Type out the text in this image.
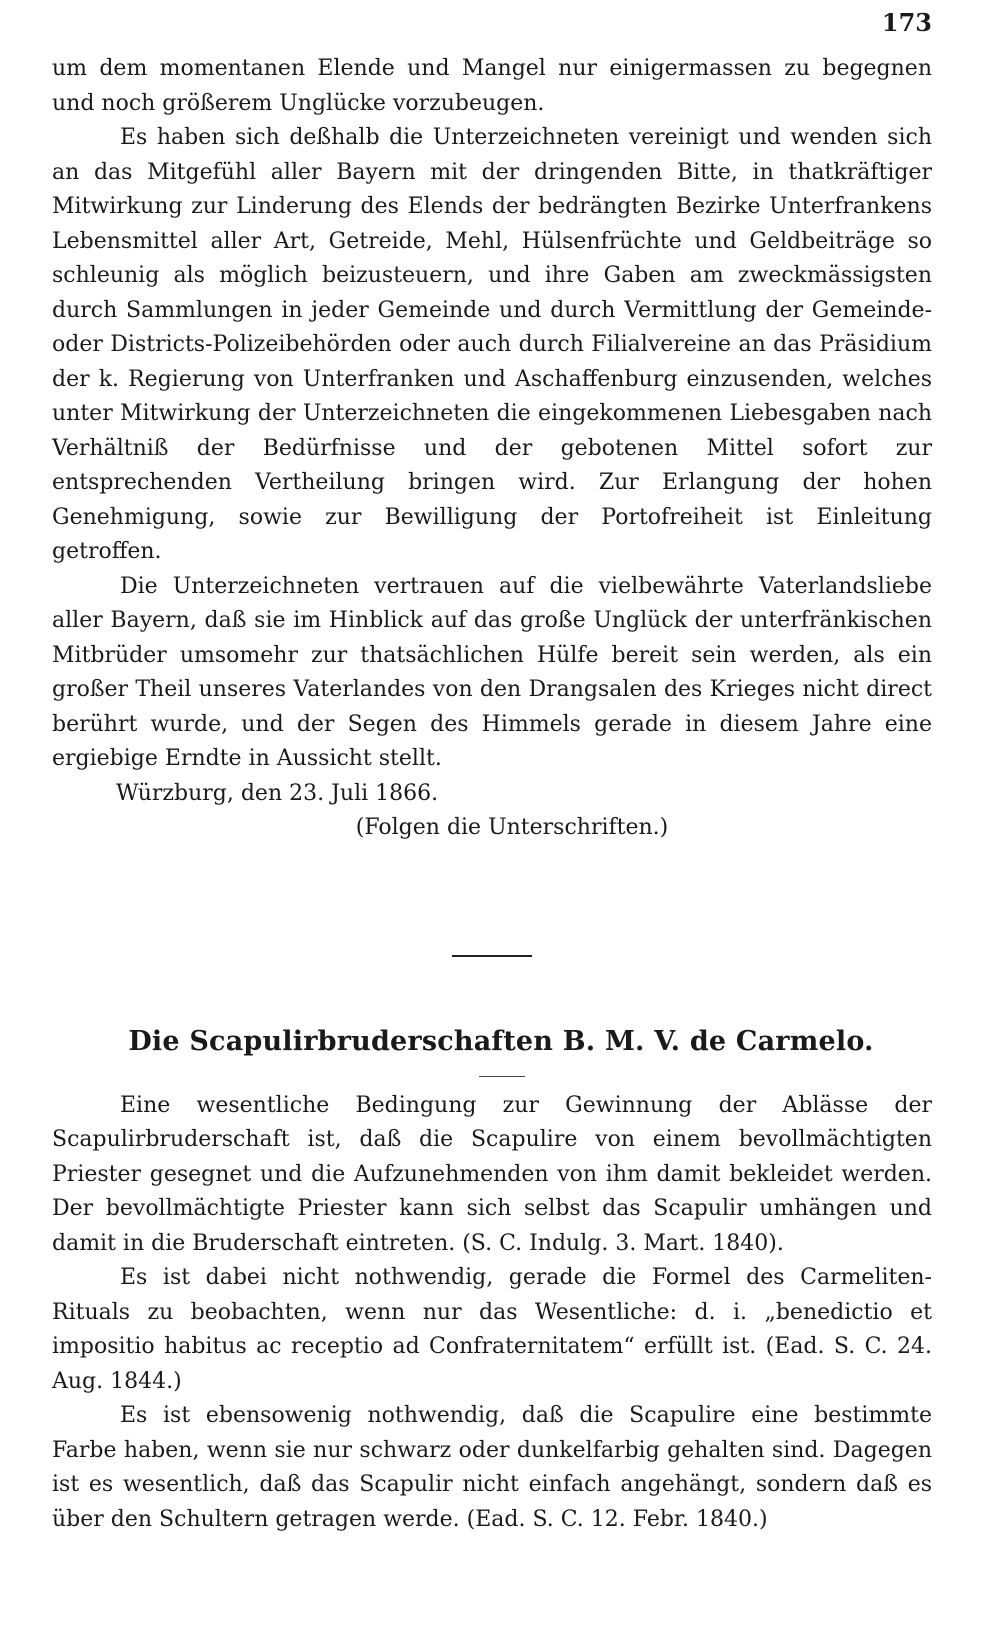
173

um dem momentanen Elende und Mangel nur einigermassen zu begegnen und noch größerem Unglücke vorzubeugen.

Es haben sich deßhalb die Unterzeichneten vereinigt und wenden sich an das Mitgefühl aller Bayern mit der dringenden Bitte, in thatkräftiger Mitwirkung zur Linderung des Elends der bedrängten Bezirke Unterfrankens Lebensmittel aller Art, Getreide, Mehl, Hülsenfrüchte und Geldbeiträge so schleunig als möglich beizusteuern, und ihre Gaben am zweckmässigsten durch Sammlungen in jeder Gemeinde und durch Vermittlung der Gemeinde- oder Districts-Polizeibehörden oder auch durch Filialvereine an das Präsidium der k. Regierung von Unterfranken und Aschaffenburg einzusenden, welches unter Mitwirkung der Unterzeichneten die eingekommenen Liebesgaben nach Verhältniß der Bedürfnisse und der gebotenen Mittel sofort zur entsprechenden Vertheilung bringen wird. Zur Erlangung der hohen Genehmigung, sowie zur Bewilligung der Portofreiheit ist Einleitung getroffen.

Die Unterzeichneten vertrauen auf die vielbewährte Vaterlandsliebe aller Bayern, daß sie im Hinblick auf das große Unglück der unterfränkischen Mitbrüder umsomehr zur thatsächlichen Hülfe bereit sein werden, als ein großer Theil unseres Vaterlandes von den Drangsalen des Krieges nicht direct berührt wurde, und der Segen des Himmels gerade in diesem Jahre eine ergiebige Erndte in Aussicht stellt.

Würzburg, den 23. Juli 1866.

(Folgen die Unterschriften.)

Die Scapulirbruderschaften B. M. V. de Carmelo.

Eine wesentliche Bedingung zur Gewinnung der Ablässe der Scapulirbruderschaft ist, daß die Scapulire von einem bevollmächtigten Priester gesegnet und die Aufzunehmenden von ihm damit bekleidet werden. Der bevollmächtigte Priester kann sich selbst das Scapulir umhängen und damit in die Bruderschaft eintreten. (S. C. Indulg. 3. Mart. 1840).

Es ist dabei nicht nothwendig, gerade die Formel des Carmeliten-Rituals zu beobachten, wenn nur das Wesentliche: d. i. „benedictio et impositio habitus ac receptio ad Confraternitatem“ erfüllt ist. (Ead. S. C. 24. Aug. 1844.)

Es ist ebensowenig nothwendig, daß die Scapulire eine bestimmte Farbe haben, wenn sie nur schwarz oder dunkelfarbig gehalten sind. Dagegen ist es wesentlich, daß das Scapulir nicht einfach angehängt, sondern daß es über den Schultern getragen werde. (Ead. S. C. 12. Febr. 1840.)
